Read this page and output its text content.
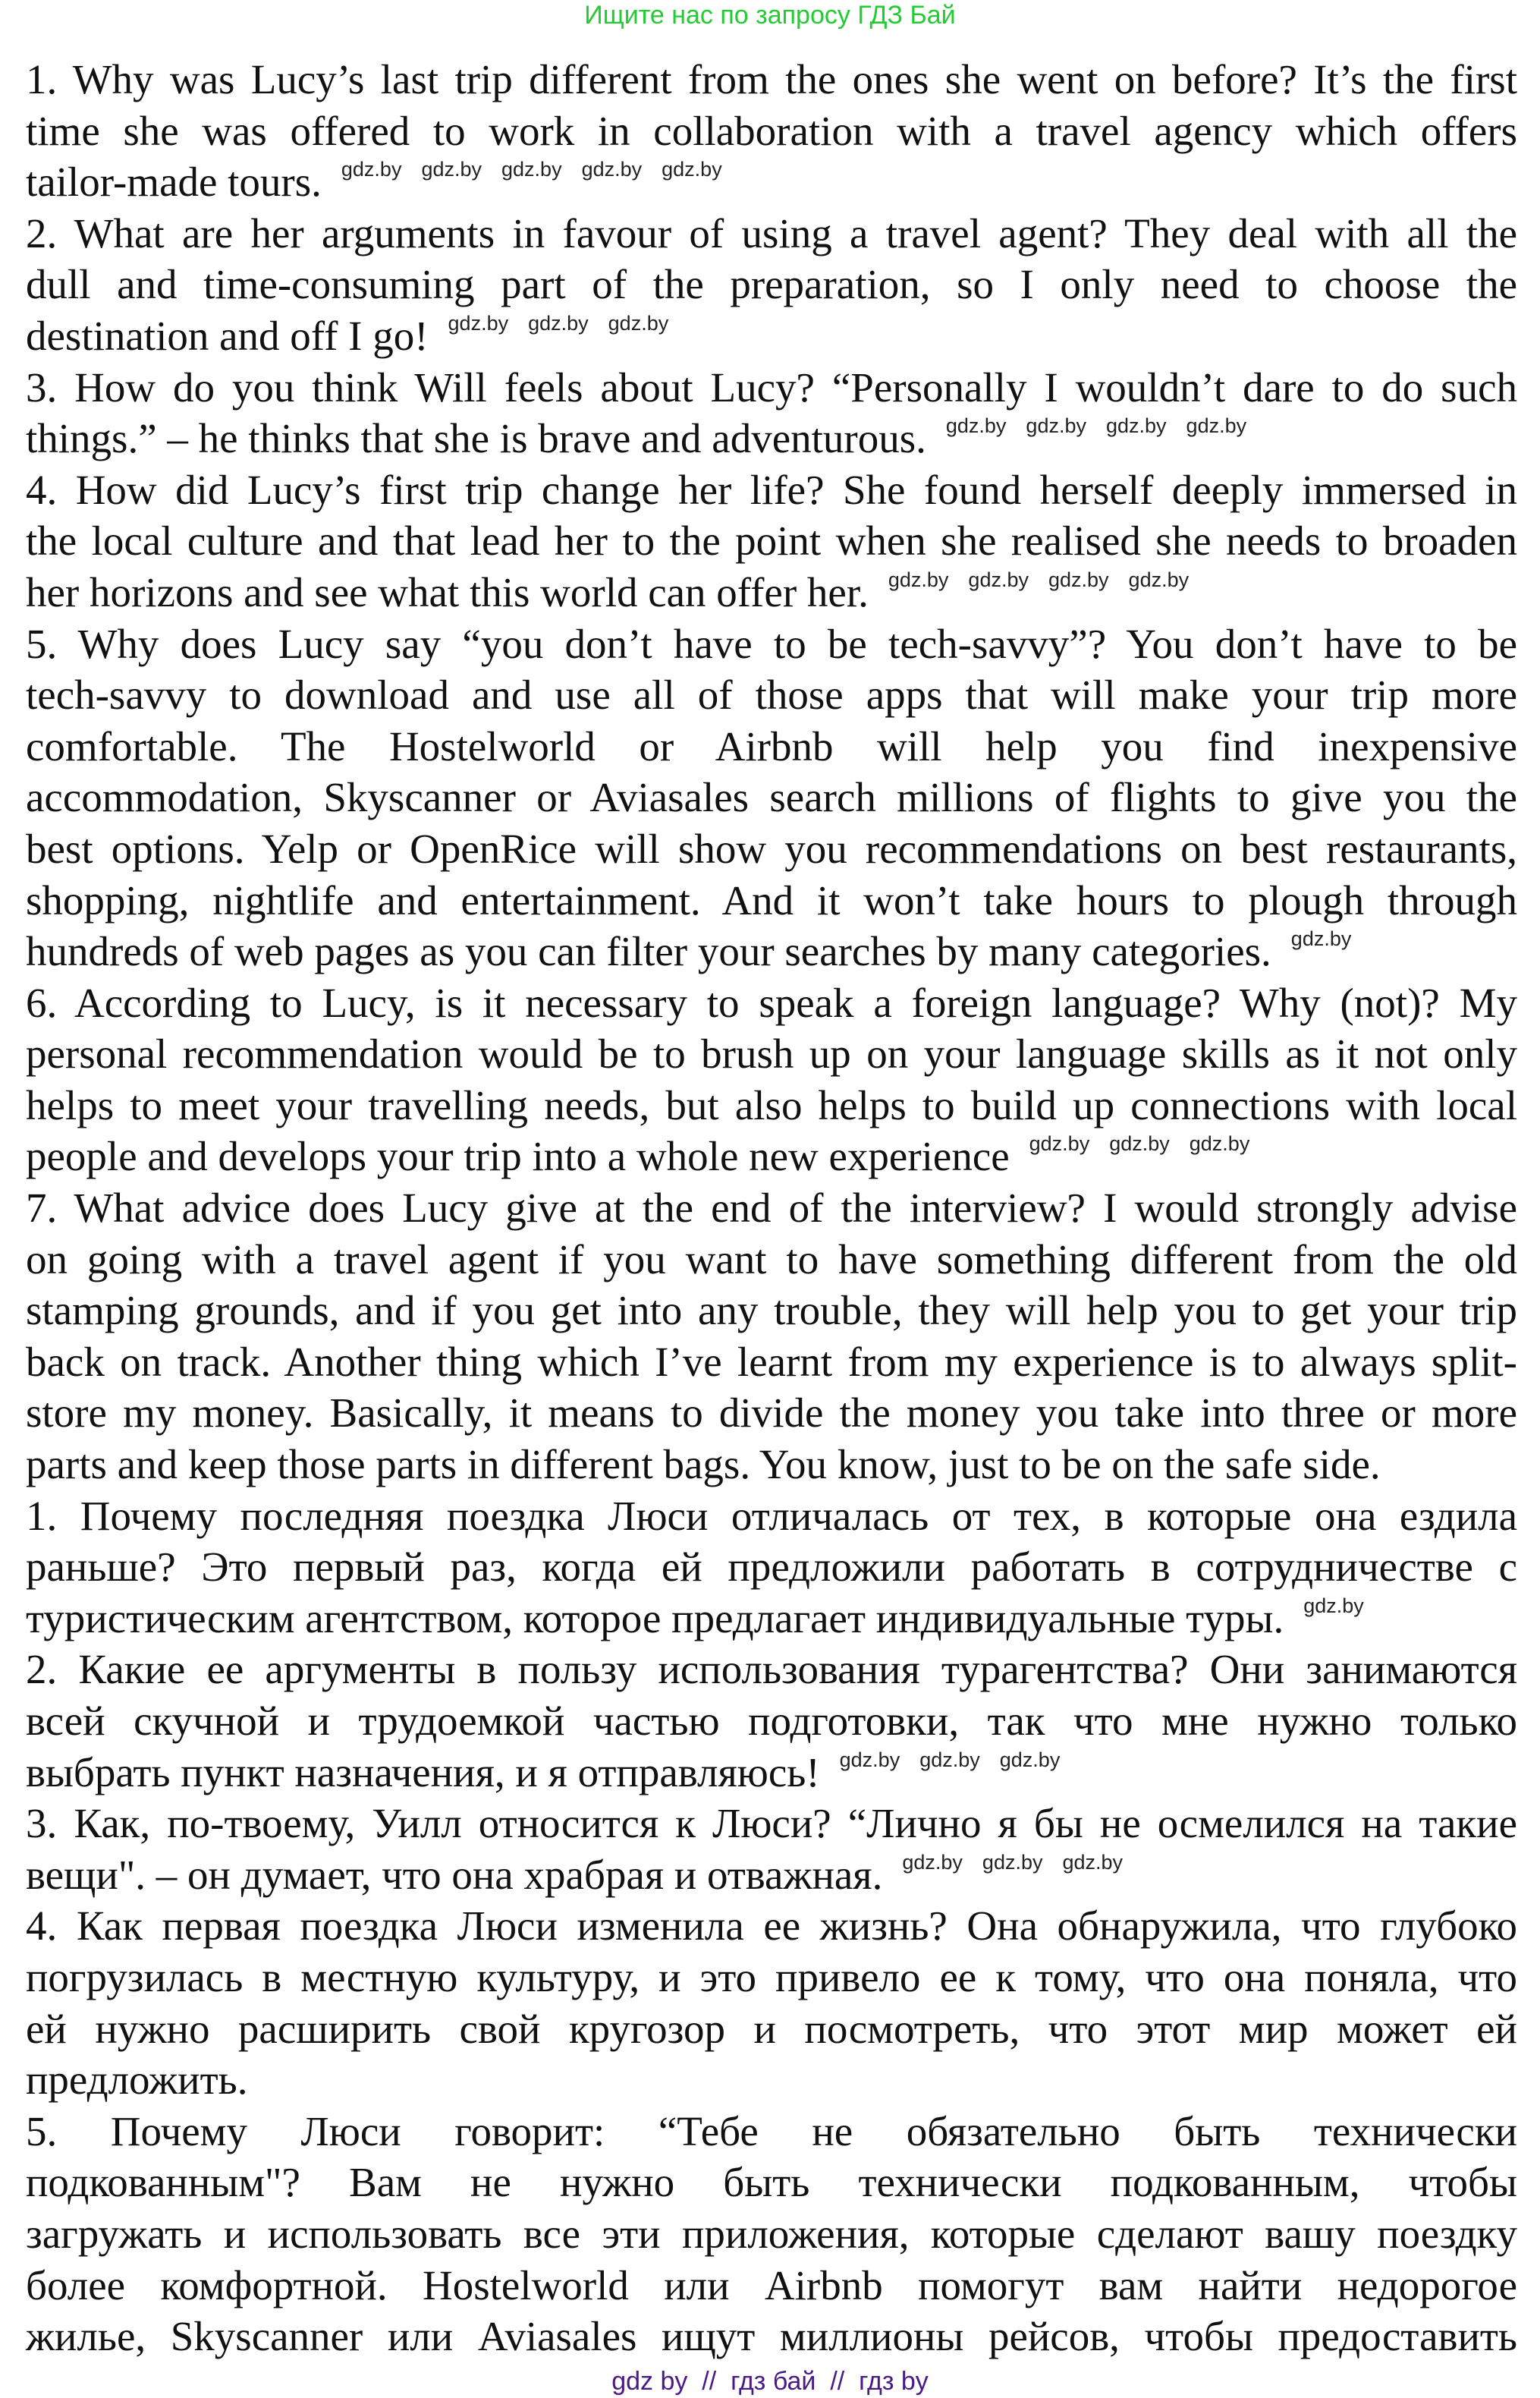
Ищите нас по запросу ГДЗ Бай
1. Why was Lucy’s last trip different from the ones she went on before? It’s the first
time she was offered to work in collaboration with a travel agency which offers
tailor-made tours. $^{gdz.by}$ $^{gdz.by}$ $^{gdz.by}$ $^{gdz.by}$ $^{gdz.by}$
2. What are her arguments in favour of using a travel agent? They deal with all the
dull and time-consuming part of the preparation, so I only need to choose the
destination and off I go! $^{gdz.by}$ $^{gdz.by}$ $^{gdz.by}$
3. How do you think Will feels about Lucy? “Personally I wouldn’t dare to do such
things.” – he thinks that she is brave and adventurous. $^{gdz.by}$ $^{gdz.by}$ $^{gdz.by}$ $^{gdz.by}$
4. How did Lucy’s first trip change her life? She found herself deeply immersed in
the local culture and that lead her to the point when she realised she needs to broaden
her horizons and see what this world can offer her. $^{gdz.by}$ $^{gdz.by}$ $^{gdz.by}$ $^{gdz.by}$
5. Why does Lucy say “you don’t have to be tech-savvy”? You don’t have to be
tech-savvy to download and use all of those apps that will make your trip more
comfortable. The Hostelworld or Airbnb will help you find inexpensive
accommodation, Skyscanner or Aviasales search millions of flights to give you the
best options. Yelp or OpenRice will show you recommendations on best restaurants,
shopping, nightlife and entertainment. And it won’t take hours to plough through
hundreds of web pages as you can filter your searches by many categories. $^{gdz.by}$
6. According to Lucy, is it necessary to speak a foreign language? Why (not)? My
personal recommendation would be to brush up on your language skills as it not only
helps to meet your travelling needs, but also helps to build up connections with local
people and develops your trip into a whole new experience $^{gdz.by}$ $^{gdz.by}$ $^{gdz.by}$
7. What advice does Lucy give at the end of the interview? I would strongly advise
on going with a travel agent if you want to have something different from the old
stamping grounds, and if you get into any trouble, they will help you to get your trip
back on track. Another thing which I’ve learnt from my experience is to always split-
store my money. Basically, it means to divide the money you take into three or more
parts and keep those parts in different bags. You know, just to be on the safe side.
1. Почему последняя поездка Люси отличалась от тех, в которые она ездила
раньше? Это первый раз, когда ей предложили работать в сотрудничестве с
туристическим агентством, которое предлагает индивидуальные туры. $^{gdz.by}$
2. Какие ее аргументы в пользу использования турагентства? Они занимаются
всей скучной и трудоемкой частью подготовки, так что мне нужно только
выбрать пункт назначения, и я отправляюсь! $^{gdz.by}$ $^{gdz.by}$ $^{gdz.by}$
3. Как, по-твоему, Уилл относится к Люси? “Лично я бы не осмелился на такие
вещи". – он думает, что она храбрая и отважная. $^{gdz.by}$ $^{gdz.by}$ $^{gdz.by}$
4. Как первая поездка Люси изменила ее жизнь? Она обнаружила, что глубоко
погрузилась в местную культуру, и это привело ее к тому, что она поняла, что
ей нужно расширить свой кругозор и посмотреть, что этот мир может ей
предложить.
5. Почему Люси говорит: “Тебе не обязательно быть технически
подкованным"? Вам не нужно быть технически подкованным, чтобы
загружать и использовать все эти приложения, которые сделают вашу поездку
более комфортной. Hostelworld или Airbnb помогут вам найти недорогое
жилье, Skyscanner или Aviasales ищут миллионы рейсов, чтобы предоставить
gdz by  //  гдз бай  //  гдз by
